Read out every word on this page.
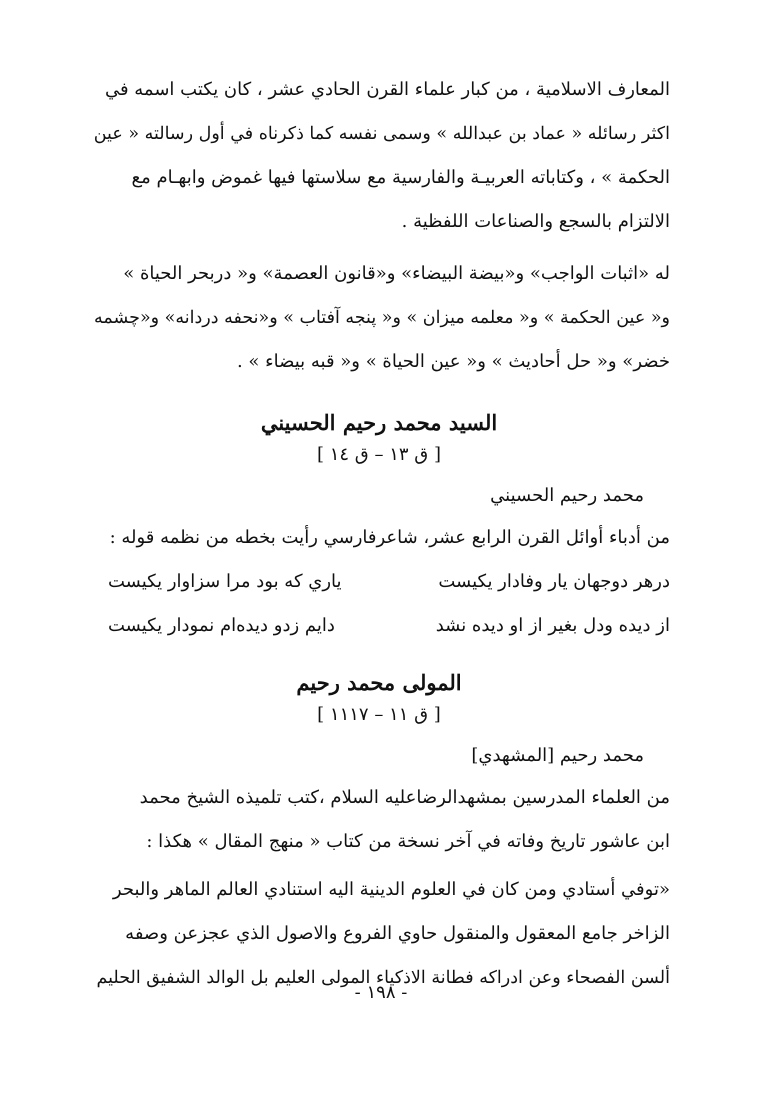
المعارف الاسلامية ، من كبار علماء القرن الحادي عشر ، كان يكتب اسمه في
اكثر رسائله « عماد بن عبدالله » وسمى نفسه كما ذكرناه في أول رسالته « عين
الحكمة » ، وكتاباته العربيـة والفارسية مع سلاستها فيها غموض وابهـام مع
الالتزام بالسجع والصناعات اللفظية .
له «اثبات الواجب» و«بيضة البيضاء» و«قانون العصمة» و« دربحر الحياة »
و« عين الحكمة » و« معلمه ميزان » و« پنجه آفتاب » و«نحفه دردانه» و«چشمه
خضر» و« حل أحاديث » و« عين الحياة » و« قبه بيضاء » .
السيد محمد رحيم الحسيني

[ ق ١٣ – ق ١٤ ]

محمد رحيم الحسيني

من أدباء أوائل القرن الرابع عشر، شاعرفارسي رأيت بخطه من نظمه قوله :
درهر دوجهان يار وفادار يكيست
ياري كه بود مرا سزاوار يكيست
از ديده ودل بغير از او ديده نشد
دايم زدو ديده‌ام نمودار يكيست
المولى محمد رحيم

[ ق ١١ – ١١١٧ ]

محمد رحيم [المشهدي]

من العلماء المدرسين بمشهدالرضاعليه السلام ،كتب تلميذه الشيخ محمد
ابن عاشور تاريخ وفاته في آخر نسخة من كتاب « منهج المقال » هكذا :
«توفي أستادي ومن كان في العلوم الدينية اليه استنادي العالم الماهر والبحر
الزاخر جامع المعقول والمنقول حاوي الفروع والاصول الذي عجزعن وصفه
ألسن الفصحاء وعن ادراكه فطانة الاذكياء المولى العليم بل الوالد الشفيق الحليم
- ١٩٨ -
